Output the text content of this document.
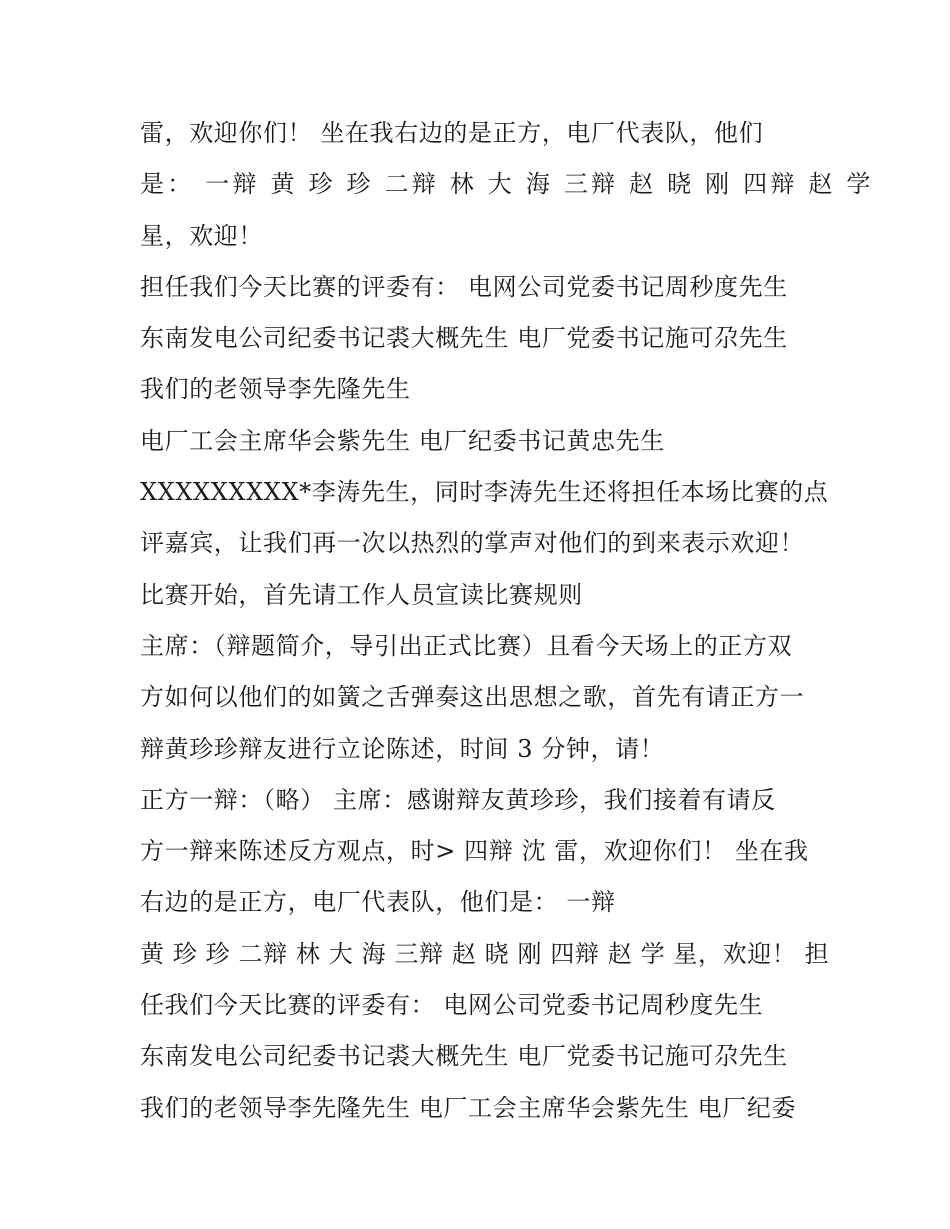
雷，欢迎你们！ 坐在我右边的是正方，电厂代表队，他们
是： 一辩 黄 珍 珍 二辩 林 大 海 三辩 赵 晓 刚 四辩 赵 学
星，欢迎！
担任我们今天比赛的评委有： 电网公司党委书记周秒度先生
东南发电公司纪委书记裘大概先生 电厂党委书记施可尕先生
我们的老领导李先隆先生
电厂工会主席华会紫先生 电厂纪委书记黄忠先生
XXXXXXXXX*李涛先生，同时李涛先生还将担任本场比赛的点
评嘉宾，让我们再一次以热烈的掌声对他们的到来表示欢迎！
比赛开始，首先请工作人员宣读比赛规则
主席：（辩题简介，导引出正式比赛）且看今天场上的正方双
方如何以他们的如簧之舌弹奏这出思想之歌，首先有请正方一
辩黄珍珍辩友进行立论陈述，时间 3 分钟，请！
正方一辩：（略） 主席：感谢辩友黄珍珍，我们接着有请反
方一辩来陈述反方观点，时> 四辩 沈 雷，欢迎你们！ 坐在我
右边的是正方，电厂代表队，他们是： 一辩
黄 珍 珍 二辩 林 大 海 三辩 赵 晓 刚 四辩 赵 学 星，欢迎！ 担
任我们今天比赛的评委有： 电网公司党委书记周秒度先生
东南发电公司纪委书记裘大概先生 电厂党委书记施可尕先生
我们的老领导李先隆先生 电厂工会主席华会紫先生 电厂纪委
